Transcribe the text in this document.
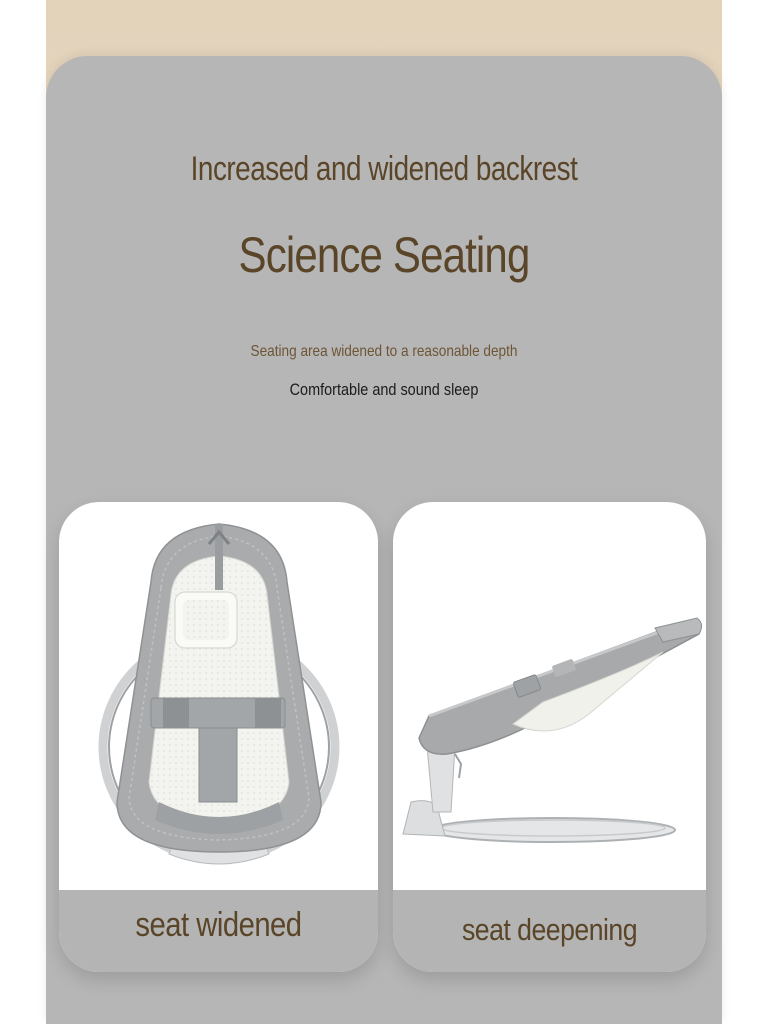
Increased and widened backrest
Science Seating
Seating area widened to a reasonable depth
Comfortable and sound sleep
seat widened	seat deepening
